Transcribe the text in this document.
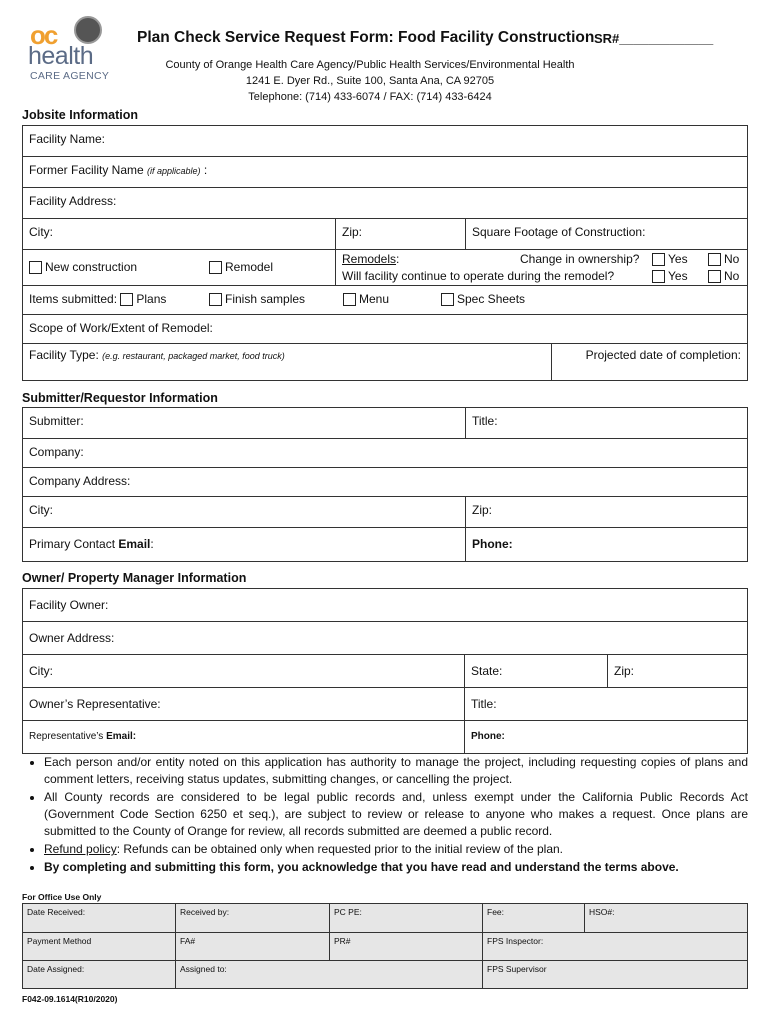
oc
health
CARE AGENCY
Plan Check Service Request Form: Food Facility Construction SR#_____________
County of Orange Health Care Agency/Public Health Services/Environmental Health
1241 E. Dyer Rd., Suite 100, Santa Ana, CA 92705
Telephone: (714) 433-6074 / FAX: (714) 433-6424
Jobsite Information
Facility Name:
Former Facility Name (if applicable) :
Facility Address:
City:	Zip:	Square Footage of Construction:
New construction	Remodel
Remodels:	Change in ownership?	Yes	No
Will facility continue to operate during the remodel?	Yes	No
Items submitted: Plans	Finish samples	Menu	Spec Sheets
Scope of Work/Extent of Remodel:
Facility Type: (e.g. restaurant, packaged market, food truck)	Projected date of completion:
Submitter/Requestor Information
Submitter:	Title:
Company:
Company Address:
City:	Zip:
Primary Contact Email:	Phone:
Owner/ Property Manager Information
Facility Owner:
Owner Address:
City:	State:	Zip:
Owner’s Representative:	Title:
Representative’s Email:	Phone:
• Each person and/or entity noted on this application has authority to manage the project, including requesting copies of plans and comment letters, receiving status updates, submitting changes, or cancelling the project.
• All County records are considered to be legal public records and, unless exempt under the California Public Records Act (Government Code Section 6250 et seq.), are subject to review or release to anyone who makes a request. Once plans are submitted to the County of Orange for review, all records submitted are deemed a public record.
• Refund policy: Refunds can be obtained only when requested prior to the initial review of the plan.
• By completing and submitting this form, you acknowledge that you have read and understand the terms above.
For Office Use Only
Date Received:	Received by:	PC PE:	Fee:	HSO#:
Payment Method	FA#	PR#	FPS Inspector:
Date Assigned:	Assigned to:	FPS Supervisor
F042-09.1614(R10/2020)
